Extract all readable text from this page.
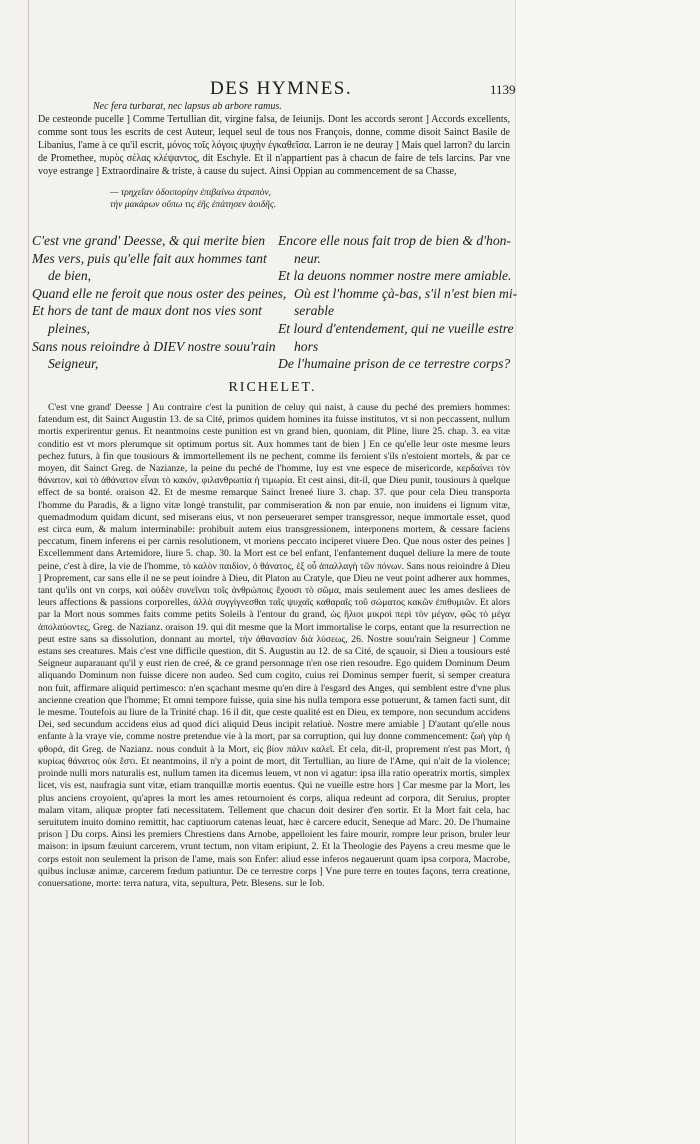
DES HYMNES.	1139
Nec fera turbarat, nec lapsus ab arbore ramus.

De cesteonde pucelle ] Comme Tertullian dit, virgine falsa, de Ieiunijs. Dont les accords seront ] Accords excellents, comme sont tous les escrits de cest Auteur, lequel seul de tous nos François, donne, comme disoit Sainct Basile de Libanius, l'ame à ce qu'il escrit, μόνος τοῖς λόγοις ψυχὴν ἐγκαθεῖσα. Larron ie ne deuray ] Mais quel larron? du larcin de Promethee, πυρὸς σέλας κλέψαντος, dit Eschyle. Et il n'appartient pas à chacun de faire de tels larcins. Par vne voye estrange ] Extraordinaire & triste, à cause du suject. Ainsi Oppian au commencement de sa Chasse,

— τρηχεῖαν ὁδοιπορίην ἐπιβαίνω ἀτραπὸν,
τὴν μακάρων οὔπω τις ἐῆς ἐπάτησεν ἀοιδῆς.
C'est vne grand' Deesse, & qui merite bien
Mes vers, puis qu'elle fait aux hommes tant
de bien,
Quand elle ne feroit que nous oster des peines,
Et hors de tant de maux dont nos vies sont
pleines,
Sans nous reioindre à DIEV nostre souu'rain
Seigneur,
Encore elle nous fait trop de bien & d'hon-
neur.
Et la deuons nommer nostre mere amiable.
Où est l'homme çà-bas, s'il n'est bien mi-
serable
Et lourd d'entendement, qui ne vueille estre
hors
De l'humaine prison de ce terrestre corps?
RICHELET.

C'est vne grand' Deesse ] Au contraire c'est la punition de celuy qui naist, à cause du peché des premiers hommes: fatendum est, dit Sainct Augustin 13. de sa Cité, primos quidem homines ita fuisse institutos, vt si non peccassent, nullum mortis experirentur genus. Et neantmoins ceste punition est vn grand bien, quoniam, dit Pline, liure 25. chap. 3. ea vitæ conditio est vt mors plerumque sit optimum portus sit. Aux hommes tant de bien ] En ce qu'elle leur oste mesme leurs pechez futurs, à fin que tousiours & immortellement ils ne pechent, comme ils feroient s'ils n'estoient mortels, & par ce moyen, dit Sainct Greg. de Nazianze, la peine du peché de l'homme, luy est vne espece de misericorde, κερδαίνει τὸν θάνατον, καὶ τὸ ἀθάνατον εἶναι τὸ κακόν, φιλανθρωπία ἡ τιμωρία. Et cest ainsi, dit-il, que Dieu punit, tousiours à quelque effect de sa bonté. oraison 42. Et de mesme remarque Sainct Ireneé liure 3. chap. 37. que pour cela Dieu transporta l'homme du Paradis, & a ligno vitæ longè transtulit, par commiseration & non par enuie, non inuidens ei lignum vitæ, quemadmodum quidam dicunt, sed miserans eius, vt non perseueraret semper transgressor, neque immortale esset, quod est circa eum, & malum interminabile: prohibuit autem eius transgressionem, interponens mortem, & cessare faciens peccatum, finem inferens ei per carnis resolutionem, vt moriens peccato inciperet viuere Deo. Que nous oster des peines ] Excellemment dans Artemidore, liure 5. chap. 30. la Mort est ce bel enfant, l'enfantement duquel deliure la mere de toute peine, c'est à dire, la vie de l'homme, τὸ καλὸν παιδίον, ὁ θάνατος, ἐξ οὗ ἀπαλλαγὴ τῶν πόνων. Sans nous reioindre à Dieu ] Proprement, car sans elle il ne se peut ioindre à Dieu, dit Platon au Cratyle, que Dieu ne veut point adherer aux hommes, tant qu'ils ont vn corps, καὶ οὐδὲν συνεῖναι τοῖς ἀνθρώποις ἔχουσι τὸ σῶμα, mais seulement auec les ames desliees de leurs affections & passions corporelles, ἀλλὰ συγγίγνεσθαι ταῖς ψυχαῖς καθαραῖς τοῦ σώματος κακῶν ἐπιθυμιῶν. Et alors par la Mort nous sommes faits comme petits Soleils à l'entour du grand, ὡς ἥλιοι μικροὶ περὶ τὸν μέγαν, φῶς τὸ μέγα ἀπολαύοντες, Greg. de Nazianz. oraison 19. qui dit mesme que la Mort immortalise le corps, entant que la resurrection ne peut estre sans sa dissolution, donnant au mortel, τὴν ἀθανασίαν διὰ λύσεως, 26. Nostre souu'rain Seigneur ] Comme estans ses creatures. Mais c'est vne difficile question, dit S. Augustin au 12. de sa Cité, de sçauoir, si Dieu a tousiours esté Seigneur auparauant qu'il y eust rien de creé, & ce grand personnage n'en ose rien resoudre. Ego quidem Dominum Deum aliquando Dominum non fuisse dicere non audeo. Sed cum cogito, cuius rei Dominus semper fuerit, si semper creatura non fuit, affirmare aliquid pertimesco: n'en sçachant mesme qu'en dire à l'esgard des Anges, qui semblent estre d'vne plus ancienne creation que l'homme; Et omni tempore fuisse, quia sine his nulla tempora esse potuerunt, & tamen facti sunt, dit le mesme. Toutefois au liure de la Trinité chap. 16 il dit, que ceste qualité est en Dieu, ex tempore, non secundum accidens Dei, sed secundum accidens eius ad quod dici aliquid Deus incipit relatiuè. Nostre mere amiable ] D'autant qu'elle nous enfante à la vraye vie, comme nostre pretendue vie à la mort, par sa corruption, qui luy donne commencement: ζωὴ γὰρ ἡ φθορά, dit Greg. de Nazianz. nous conduit à la Mort, εἰς βίον πάλιν καλεῖ. Et cela, dit-il, proprement n'est pas Mort, ἡ κυρίως θάνατος οὐκ ἔστι. Et neantmoins, il n'y a point de mort, dit Tertullian, au liure de l'Ame, qui n'ait de la violence; proinde nulli mors naturalis est, nullum tamen ita dicemus leuem, vt non vi agatur: ipsa illa ratio operatrix mortis, simplex licet, vis est, naufragia sunt vitæ, etiam tranquillæ mortis euentus. Qui ne vueille estre hors ] Car mesme par la Mort, les plus anciens croyoient, qu'apres la mort les ames retournoient és corps, aliqua redeunt ad corpora, dit Seruius, propter malam vitam, aliquæ propter fati necessitatem. Tellement que chacun doit desirer d'en sortir. Et la Mort fait cela, hac seruitutem inuito domino remittit, hac captiuorum catenas leuat, hæc è carcere educit, Seneque ad Marc. 20. De l'humaine prison ] Du corps. Ainsi les premiers Chrestiens dans Arnobe, appelloient les faire mourir, rompre leur prison, bruler leur maison: in ipsum fæuiunt carcerem, vrunt tectum, non vitam eripiunt, 2. Et la Theologie des Payens a creu mesme que le corps estoit non seulement la prison de l'ame, mais son Enfer: aliud esse inferos negauerunt quam ipsa corpora, Macrobe, quibus inclusæ animæ, carcerem fœdum patiuntur. De ce terrestre corps ] Vne pure terre en toutes façons, terra creatione, conuersatione, morte: terra natura, vita, sepultura, Petr. Blesens. sur le Iob.
